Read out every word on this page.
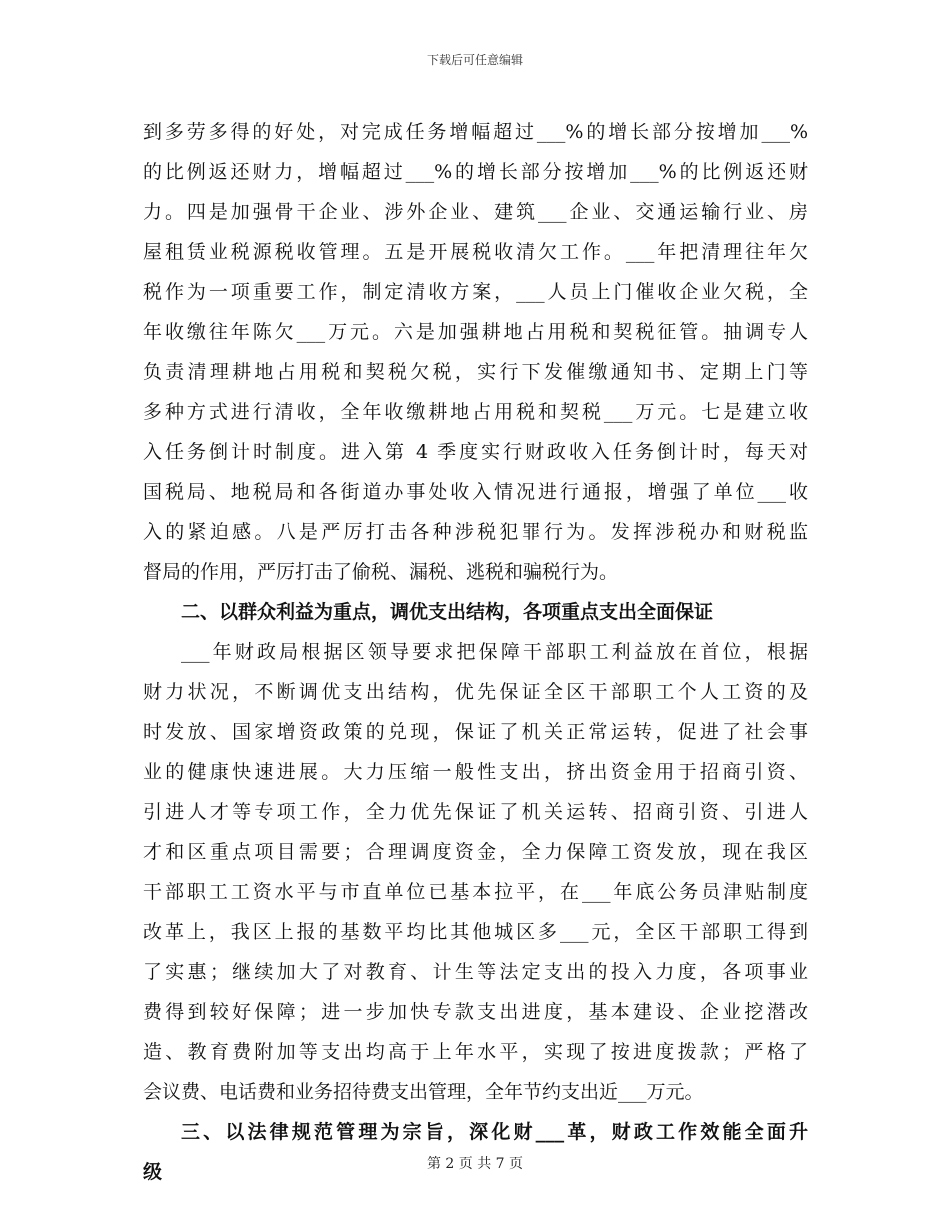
下载后可任意编辑
到多劳多得的好处，对完成任务增幅超过___%的增长部分按增加___%
的比例返还财力，增幅超过___%的增长部分按增加___%的比例返还财
力。四是加强骨干企业、涉外企业、建筑___企业、交通运输行业、房
屋租赁业税源税收管理。五是开展税收清欠工作。___年把清理往年欠
税作为一项重要工作，制定清收方案，___人员上门催收企业欠税，全
年收缴往年陈欠___万元。六是加强耕地占用税和契税征管。抽调专人
负责清理耕地占用税和契税欠税，实行下发催缴通知书、定期上门等
多种方式进行清收，全年收缴耕地占用税和契税___万元。七是建立收
入任务倒计时制度。进入第 4 季度实行财政收入任务倒计时，每天对
国税局、地税局和各街道办事处收入情况进行通报，增强了单位___收
入的紧迫感。八是严厉打击各种涉税犯罪行为。发挥涉税办和财税监
督局的作用，严厉打击了偷税、漏税、逃税和骗税行为。
二、以群众利益为重点，调优支出结构，各项重点支出全面保证
___年财政局根据区领导要求把保障干部职工利益放在首位，根据
财力状况，不断调优支出结构，优先保证全区干部职工个人工资的及
时发放、国家增资政策的兑现，保证了机关正常运转，促进了社会事
业的健康快速进展。大力压缩一般性支出，挤出资金用于招商引资、
引进人才等专项工作，全力优先保证了机关运转、招商引资、引进人
才和区重点项目需要；合理调度资金，全力保障工资发放，现在我区
干部职工工资水平与市直单位已基本拉平，在___年底公务员津贴制度
改革上，我区上报的基数平均比其他城区多___元，全区干部职工得到
了实惠；继续加大了对教育、计生等法定支出的投入力度，各项事业
费得到较好保障；进一步加快专款支出进度，基本建设、企业挖潜改
造、教育费附加等支出均高于上年水平，实现了按进度拨款；严格了
会议费、电话费和业务招待费支出管理，全年节约支出近___万元。
三、以法律规范管理为宗旨，深化财___革，财政工作效能全面升
级	第 2 页 共 7 页
